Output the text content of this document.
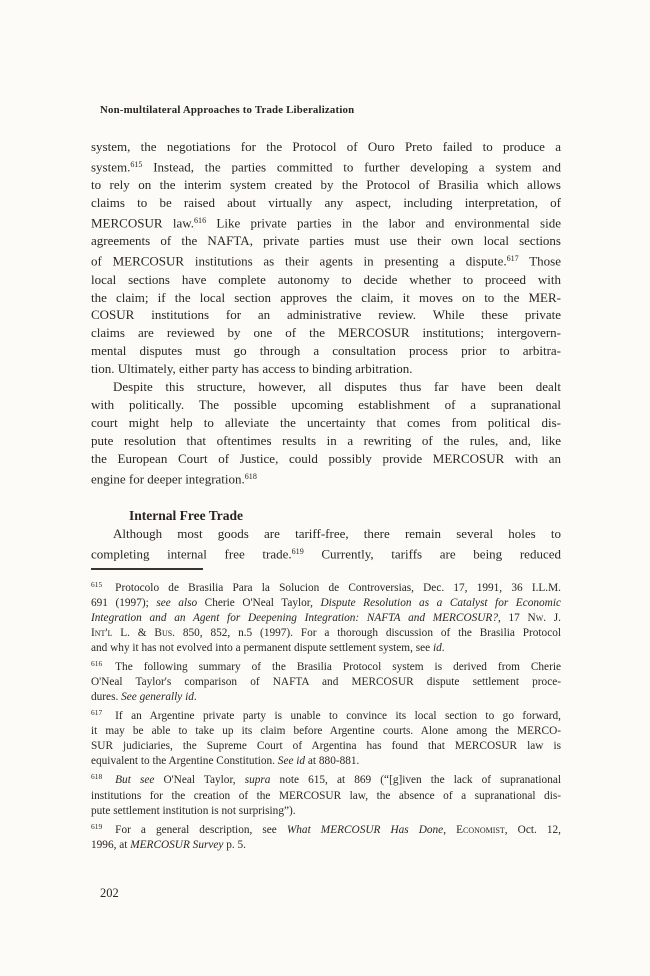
Non-multilateral Approaches to Trade Liberalization
system, the negotiations for the Protocol of Ouro Preto failed to produce a
system.$^{615}$ Instead, the parties committed to further developing a system and
to rely on the interim system created by the Protocol of Brasilia which allows
claims to be raised about virtually any aspect, including interpretation, of
MERCOSUR law.$^{616}$ Like private parties in the labor and environmental side
agreements of the NAFTA, private parties must use their own local sections
of MERCOSUR institutions as their agents in presenting a dispute.$^{617}$ Those
local sections have complete autonomy to decide whether to proceed with
the claim; if the local section approves the claim, it moves on to the MER-
COSUR institutions for an administrative review. While these private
claims are reviewed by one of the MERCOSUR institutions; intergovern-
mental disputes must go through a consultation process prior to arbitra-
tion. Ultimately, either party has access to binding arbitration.
Despite this structure, however, all disputes thus far have been dealt
with politically. The possible upcoming establishment of a supranational
court might help to alleviate the uncertainty that comes from political dis-
pute resolution that oftentimes results in a rewriting of the rules, and, like
the European Court of Justice, could possibly provide MERCOSUR with an
engine for deeper integration.$^{618}$
Internal Free Trade
Although most goods are tariff-free, there remain several holes to
completing internal free trade.$^{619}$ Currently, tariffs are being reduced
$^{615}$ Protocolo de Brasilia Para la Solucion de Controversias, Dec. 17, 1991, 36 I.L.M.
691 (1997); see also Cherie O'Neal Taylor, Dispute Resolution as a Catalyst for Economic
Integration and an Agent for Deepening Integration: NAFTA and MERCOSUR?, 17 Nw. J.
Int'l L. & Bus. 850, 852, n.5 (1997). For a thorough discussion of the Brasilia Protocol
and why it has not evolved into a permanent dispute settlement system, see id.
$^{616}$ The following summary of the Brasilia Protocol system is derived from Cherie
O'Neal Taylor's comparison of NAFTA and MERCOSUR dispute settlement proce-
dures. See generally id.
$^{617}$ If an Argentine private party is unable to convince its local section to go forward,
it may be able to take up its claim before Argentine courts. Alone among the MERCO-
SUR judiciaries, the Supreme Court of Argentina has found that MERCOSUR law is
equivalent to the Argentine Constitution. See id at 880-881.
$^{618}$ But see O'Neal Taylor, supra note 615, at 869 (“[g]iven the lack of supranational
institutions for the creation of the MERCOSUR law, the absence of a supranational dis-
pute settlement institution is not surprising”).
$^{619}$ For a general description, see What MERCOSUR Has Done, Economist, Oct. 12,
1996, at MERCOSUR Survey p. 5.
202
